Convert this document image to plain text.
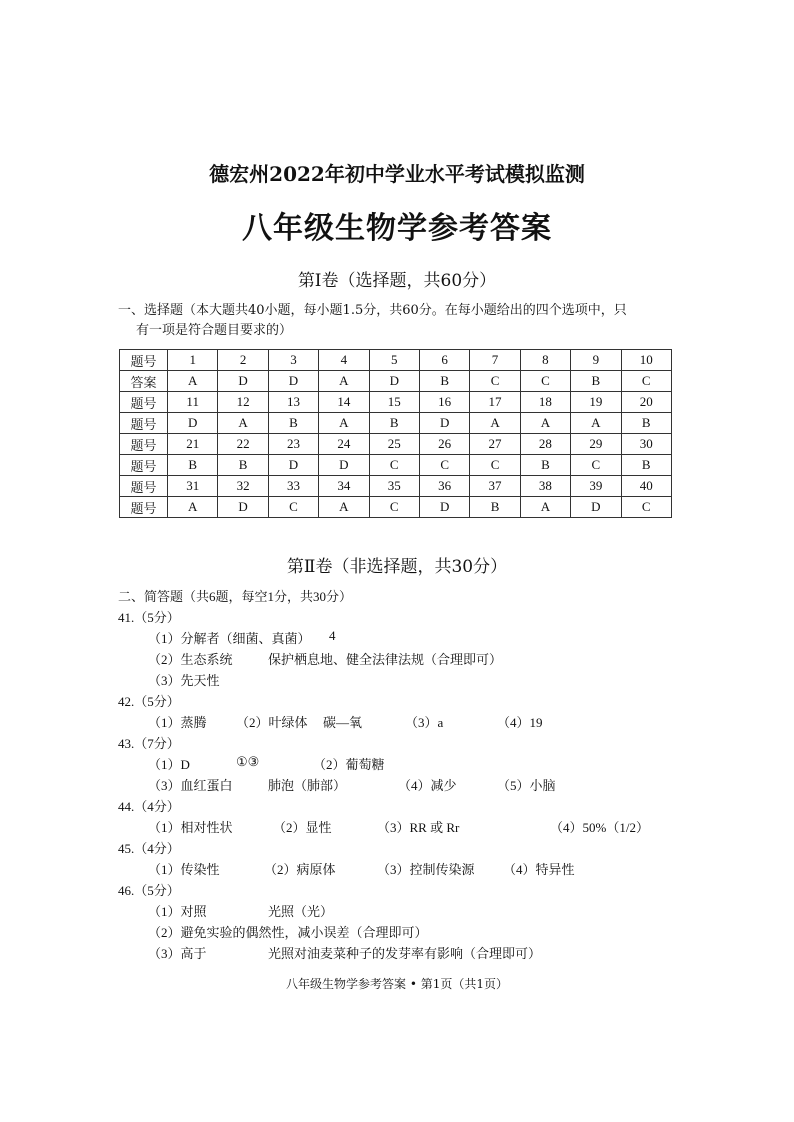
德宏州2022年初中学业水平考试模拟监测
八年级生物学参考答案
第Ⅰ卷（选择题，共60分）
一、选择题（本大题共40小题，每小题1.5分，共60分。在每小题给出的四个选项中，只
有一项是符合题目要求的）
题号	1	2	3	4	5	6	7	8	9	10
答案	A	D	D	A	D	B	C	C	B	C
题号	11	12	13	14	15	16	17	18	19	20
题号	D	A	B	A	B	D	A	A	A	B
题号	21	22	23	24	25	26	27	28	29	30
题号	B	B	D	D	C	C	C	B	C	B
题号	31	32	33	34	35	36	37	38	39	40
题号	A	D	C	A	C	D	B	A	D	C
第Ⅱ卷（非选择题，共30分）
二、简答题（共6题，每空1分，共30分）
41.（5分）
（1）分解者（细菌、真菌） 4
（2）生态系统	保护栖息地、健全法律法规（合理即可）
（3）先天性
42.（5分）
（1）蒸腾 （2）叶绿体 碳—氧	（3）a	（4）19
43.（7分）
（1）D	①③	（2）葡萄糖
（3）血红蛋白	肺泡（肺部）	（4）减少	（5）小脑
44.（4分）
（1）相对性状	（2）显性	（3）RR 或 Rr	（4）50%（1/2）
45.（4分）
（1）传染性	（2）病原体	（3）控制传染源 （4）特异性
46.（5分）
（1）对照	光照（光）
（2）避免实验的偶然性，减小误差（合理即可）
（3）高于	光照对油麦菜种子的发芽率有影响（合理即可）
八年级生物学参考答案 • 第1页（共1页）
